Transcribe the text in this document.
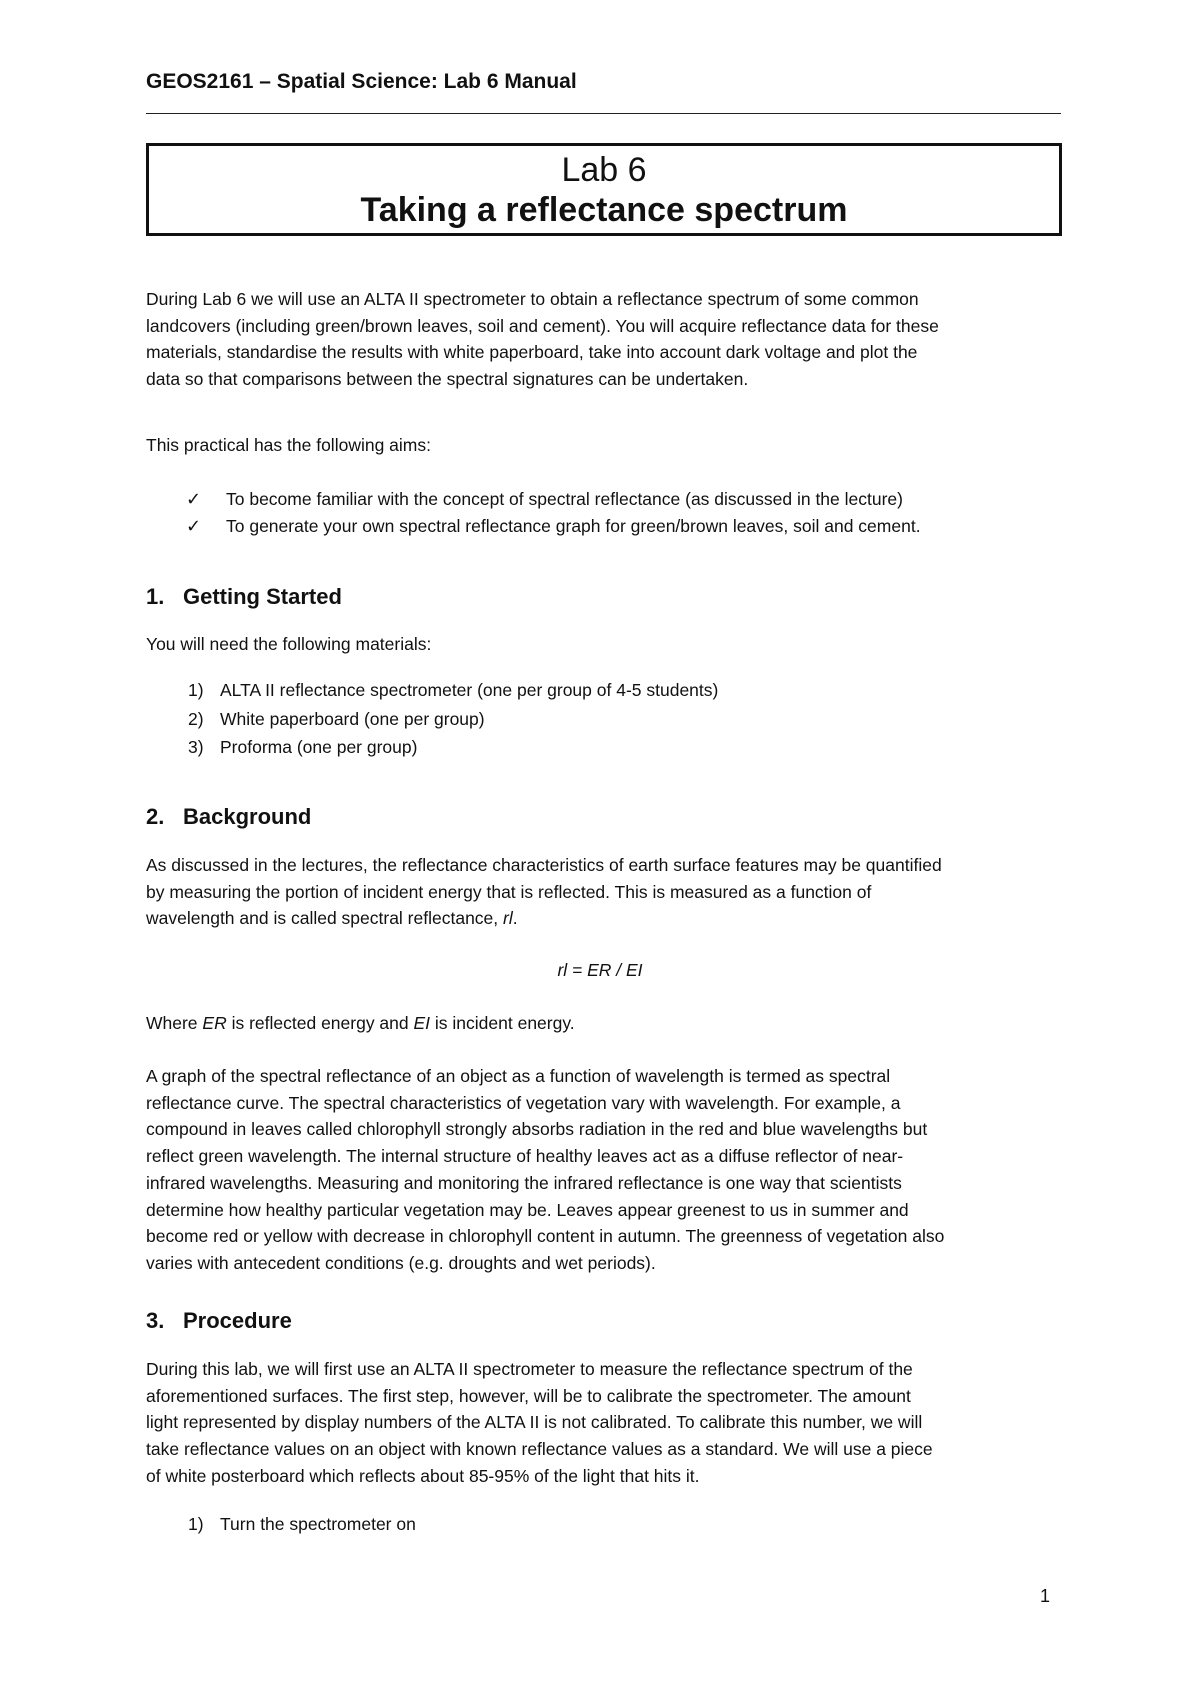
GEOS2161 – Spatial Science: Lab 6 Manual
Lab 6
Taking a reflectance spectrum

During Lab 6 we will use an ALTA II spectrometer to obtain a reflectance spectrum of some common
landcovers (including green/brown leaves, soil and cement). You will acquire reflectance data for these
materials, standardise the results with white paperboard, take into account dark voltage and plot the
data so that comparisons between the spectral signatures can be undertaken.

This practical has the following aims:

✓ To become familiar with the concept of spectral reflectance (as discussed in the lecture)
✓ To generate your own spectral reflectance graph for green/brown leaves, soil and cement.
1. Getting Started

You will need the following materials:

1) ALTA II reflectance spectrometer (one per group of 4-5 students)
2) White paperboard (one per group)
3) Proforma (one per group)
2. Background

As discussed in the lectures, the reflectance characteristics of earth surface features may be quantified
by measuring the portion of incident energy that is reflected. This is measured as a function of
wavelength and is called spectral reflectance, rl.

rl = ER / EI

Where ER is reflected energy and EI is incident energy.

A graph of the spectral reflectance of an object as a function of wavelength is termed as spectral
reflectance curve. The spectral characteristics of vegetation vary with wavelength. For example, a
compound in leaves called chlorophyll strongly absorbs radiation in the red and blue wavelengths but
reflect green wavelength. The internal structure of healthy leaves act as a diffuse reflector of near-
infrared wavelengths. Measuring and monitoring the infrared reflectance is one way that scientists
determine how healthy particular vegetation may be. Leaves appear greenest to us in summer and
become red or yellow with decrease in chlorophyll content in autumn. The greenness of vegetation also
varies with antecedent conditions (e.g. droughts and wet periods).

3. Procedure

During this lab, we will first use an ALTA II spectrometer to measure the reflectance spectrum of the
aforementioned surfaces. The first step, however, will be to calibrate the spectrometer. The amount
light represented by display numbers of the ALTA II is not calibrated. To calibrate this number, we will
take reflectance values on an object with known reflectance values as a standard. We will use a piece
of white posterboard which reflects about 85-95% of the light that hits it.

1) Turn the spectrometer on

1
